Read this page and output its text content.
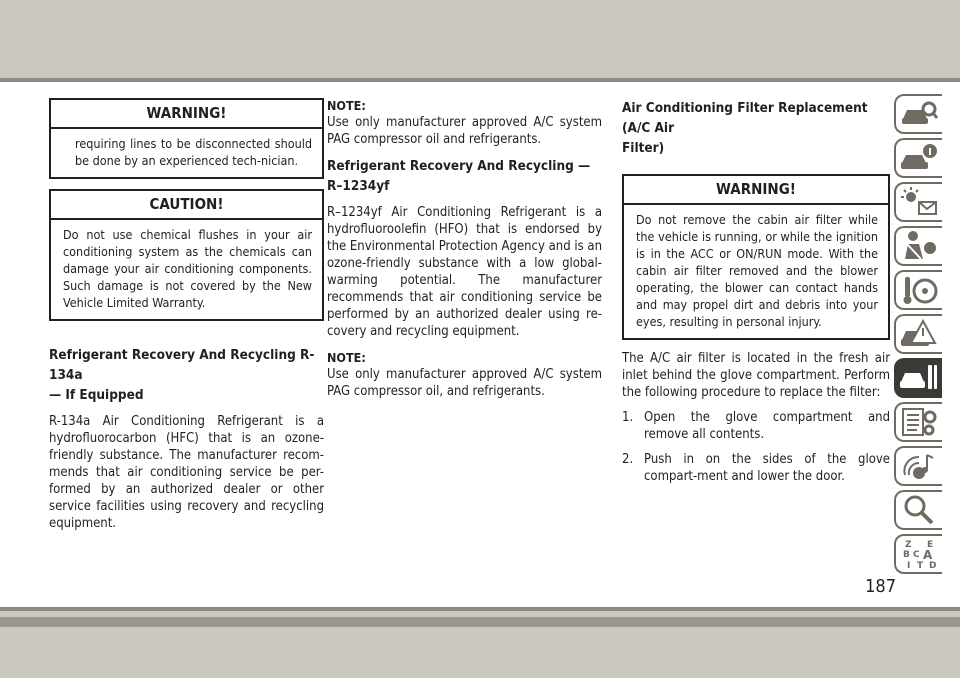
WARNING!
requiring lines to be disconnected should be done by an experienced tech-nician.
CAUTION!
Do not use chemical flushes in your air conditioning system as the chemicals can damage your air conditioning components. Such damage is not covered by the New Vehicle Limited Warranty.
Refrigerant Recovery And Recycling R-134a
— If Equipped

R-134a Air Conditioning Refrigerant is a hydrofluorocarbon (HFC) that is an ozone-friendly substance. The manufacturer recom-mends that air conditioning service be per-formed by an authorized dealer or other service facilities using recovery and recycling equipment.

NOTE:

Use only manufacturer approved A/C system PAG compressor oil and refrigerants.

Refrigerant Recovery And Recycling —
R–1234yf

R–1234yf Air Conditioning Refrigerant is a hydrofluoroolefin (HFO) that is endorsed by the Environmental Protection Agency and is an ozone-friendly substance with a low global-warming potential. The manufacturer recommends that air conditioning service be performed by an authorized dealer using re-covery and recycling equipment.

NOTE:

Use only manufacturer approved A/C system PAG compressor oil, and refrigerants.

Air Conditioning Filter Replacement (A/C Air
Filter)
WARNING!
Do not remove the cabin air filter while the vehicle is running, or while the ignition is in the ACC or ON/RUN mode. With the cabin air filter removed and the blower operating, the blower can contact hands and may propel dirt and debris into your eyes, resulting in personal injury.

The A/C air filter is located in the fresh air inlet behind the glove compartment. Perform the following procedure to replace the filter:

1. Open the glove compartment and remove all contents.
2. Push in on the sides of the glove compart-ment and lower the door.
Z E
B A
C
I T D
187
